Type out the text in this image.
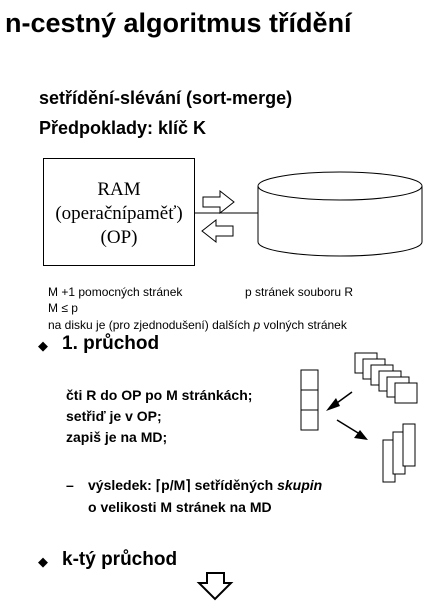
n-cestný algoritmus třídění
setřídění-slévání (sort-merge)
Předpoklady: klíč K
RAM
(operačnípaměť)
(OP)
M +1 pomocných stránek	p stránek souboru R
M ≤ p
na disku je (pro zjednodušení) dalších p volných stránek
◆ 1. průchod
čti R do OP po M stránkách;
setřiď je v OP;
zapiš je na MD;
– výsledek: ⌈p/M⌉ setříděných skupin
o velikosti M stránek na MD
◆ k-tý průchod
